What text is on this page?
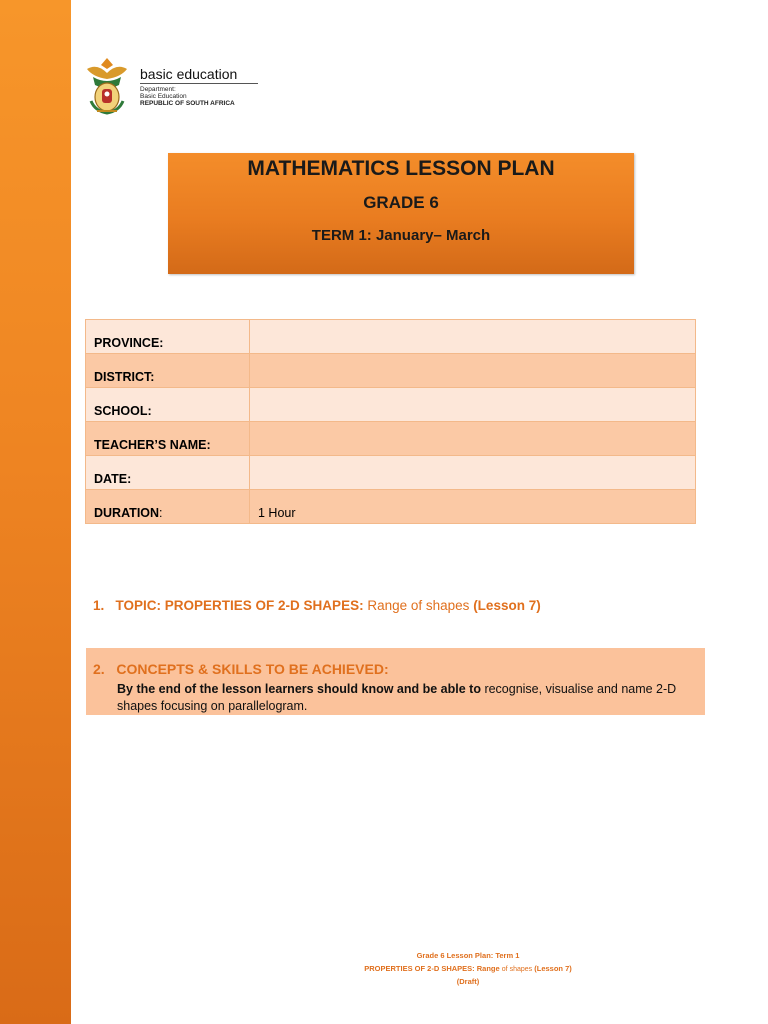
basic education
Department:
Basic Education
REPUBLIC OF SOUTH AFRICA
MATHEMATICS LESSON PLAN
GRADE 6
TERM 1: January– March
PROVINCE:	
DISTRICT:	
SCHOOL:	
TEACHER’S NAME:	
DATE:	
DURATION:	1 Hour
1. TOPIC: PROPERTIES OF 2-D SHAPES: Range of shapes (Lesson 7)
2. CONCEPTS & SKILLS TO BE ACHIEVED:
By the end of the lesson learners should know and be able to recognise, visualise and name 2-D shapes focusing on parallelogram.
Grade 6 Lesson Plan: Term 1
PROPERTIES OF 2-D SHAPES: Range of shapes (Lesson 7)
(Draft)
